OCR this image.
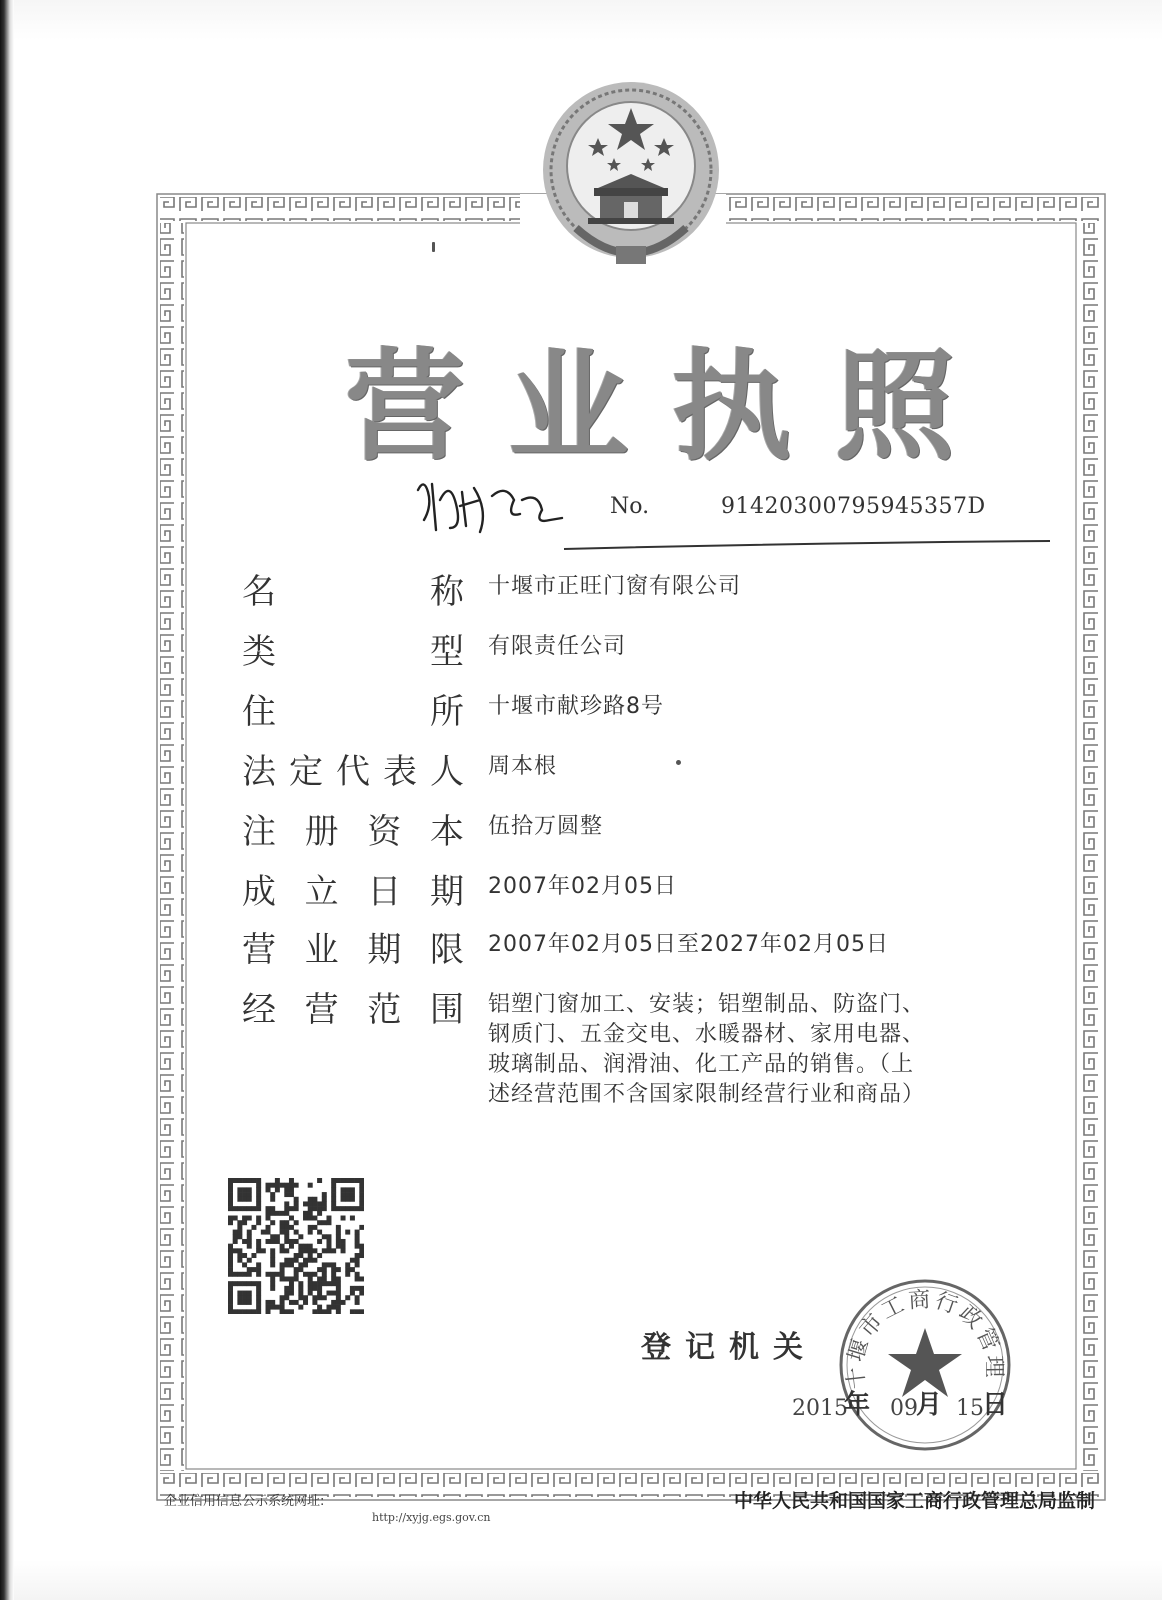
营 业 执 照
No.	91420300795945357D
名	称 十堰市正旺门窗有限公司
类	型 有限责任公司
住	所 十堰市献珍路8号
法 定 代 表 人 周本根
注 册 资 本 伍拾万圆整
成 立 日 期 2007年02月05日
营 业 期 限 2007年02月05日至2027年02月05日
经 营 范 围 铝塑门窗加工、安装；铝塑制品、防盗门、
钢质门、五金交电、水暖器材、家用电器、
玻璃制品、润滑油、化工产品的销售。（上
述经营范围不含国家限制经营行业和商品）
登记机关
十堰市工商行政管理
2015
年 09
月 15
日
企业信用信息公示系统网址:
http://xyjg.egs.gov.cn
中华人民共和国国家工商行政管理总局监制
